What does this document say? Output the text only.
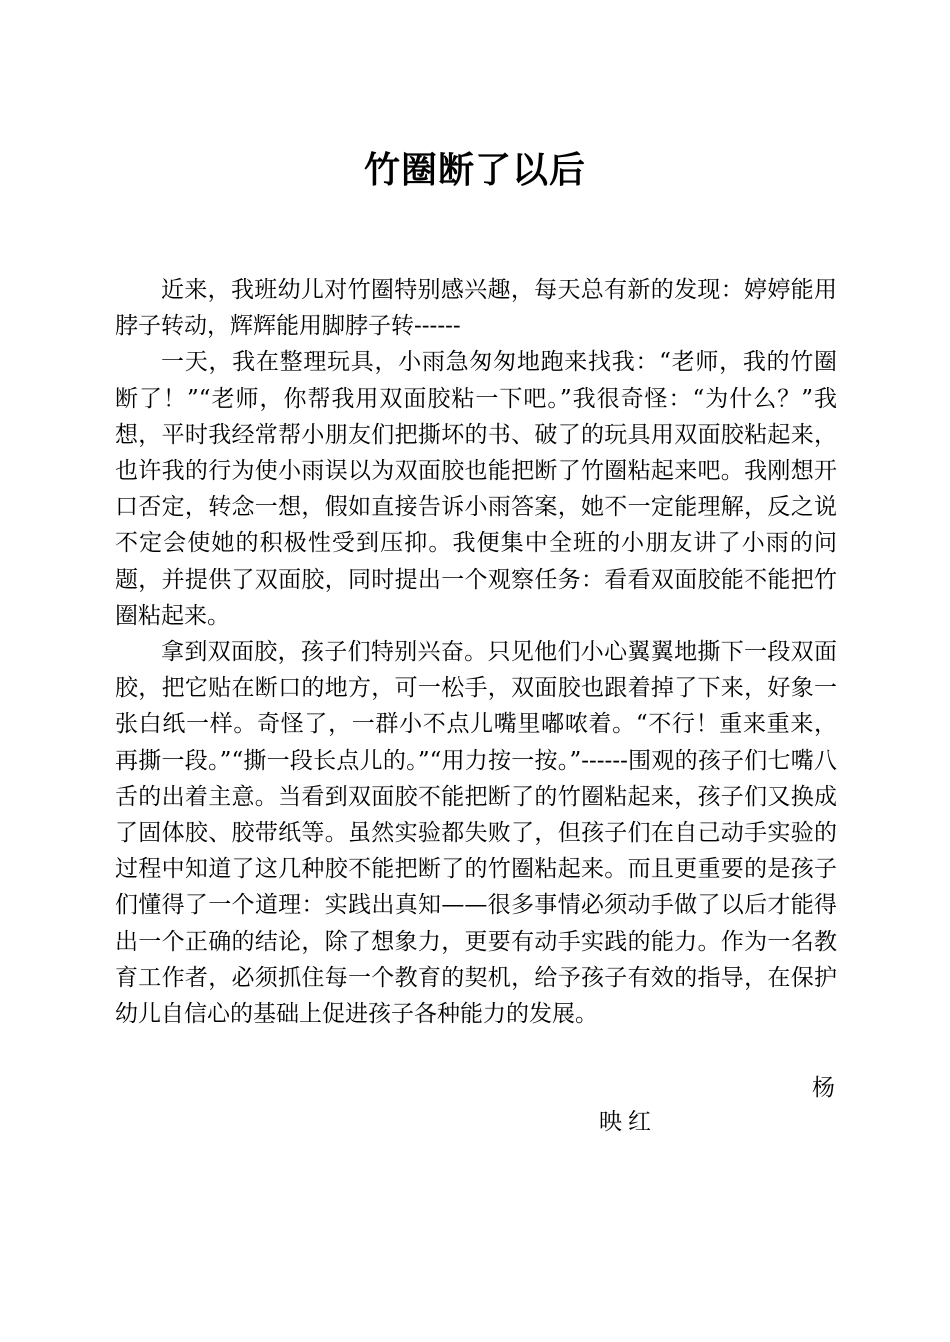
竹圈断了以后

近来，我班幼儿对竹圈特别感兴趣，每天总有新的发现：婷婷能用脖子转动，辉辉能用脚脖子转------

一天，我在整理玩具，小雨急匆匆地跑来找我：“老师，我的竹圈断了！”“老师，你帮我用双面胶粘一下吧。”我很奇怪：“为什么？”我想，平时我经常帮小朋友们把撕坏的书、破了的玩具用双面胶粘起来，也许我的行为使小雨误以为双面胶也能把断了竹圈粘起来吧。我刚想开口否定，转念一想，假如直接告诉小雨答案，她不一定能理解，反之说不定会使她的积极性受到压抑。我便集中全班的小朋友讲了小雨的问题，并提供了双面胶，同时提出一个观察任务：看看双面胶能不能把竹圈粘起来。

拿到双面胶，孩子们特别兴奋。只见他们小心翼翼地撕下一段双面胶，把它贴在断口的地方，可一松手，双面胶也跟着掉了下来，好象一张白纸一样。奇怪了，一群小不点儿嘴里嘟哝着。“不行！重来重来，再撕一段。”“撕一段长点儿的。”“用力按一按。”------围观的孩子们七嘴八舌的出着主意。当看到双面胶不能把断了的竹圈粘起来，孩子们又换成了固体胶、胶带纸等。虽然实验都失败了，但孩子们在自己动手实验的过程中知道了这几种胶不能把断了的竹圈粘起来。而且更重要的是孩子们懂得了一个道理：实践出真知——很多事情必须动手做了以后才能得出一个正确的结论，除了想象力，更要有动手实践的能力。作为一名教育工作者，必须抓住每一个教育的契机，给予孩子有效的指导，在保护幼儿自信心的基础上促进孩子各种能力的发展。

杨
映红
